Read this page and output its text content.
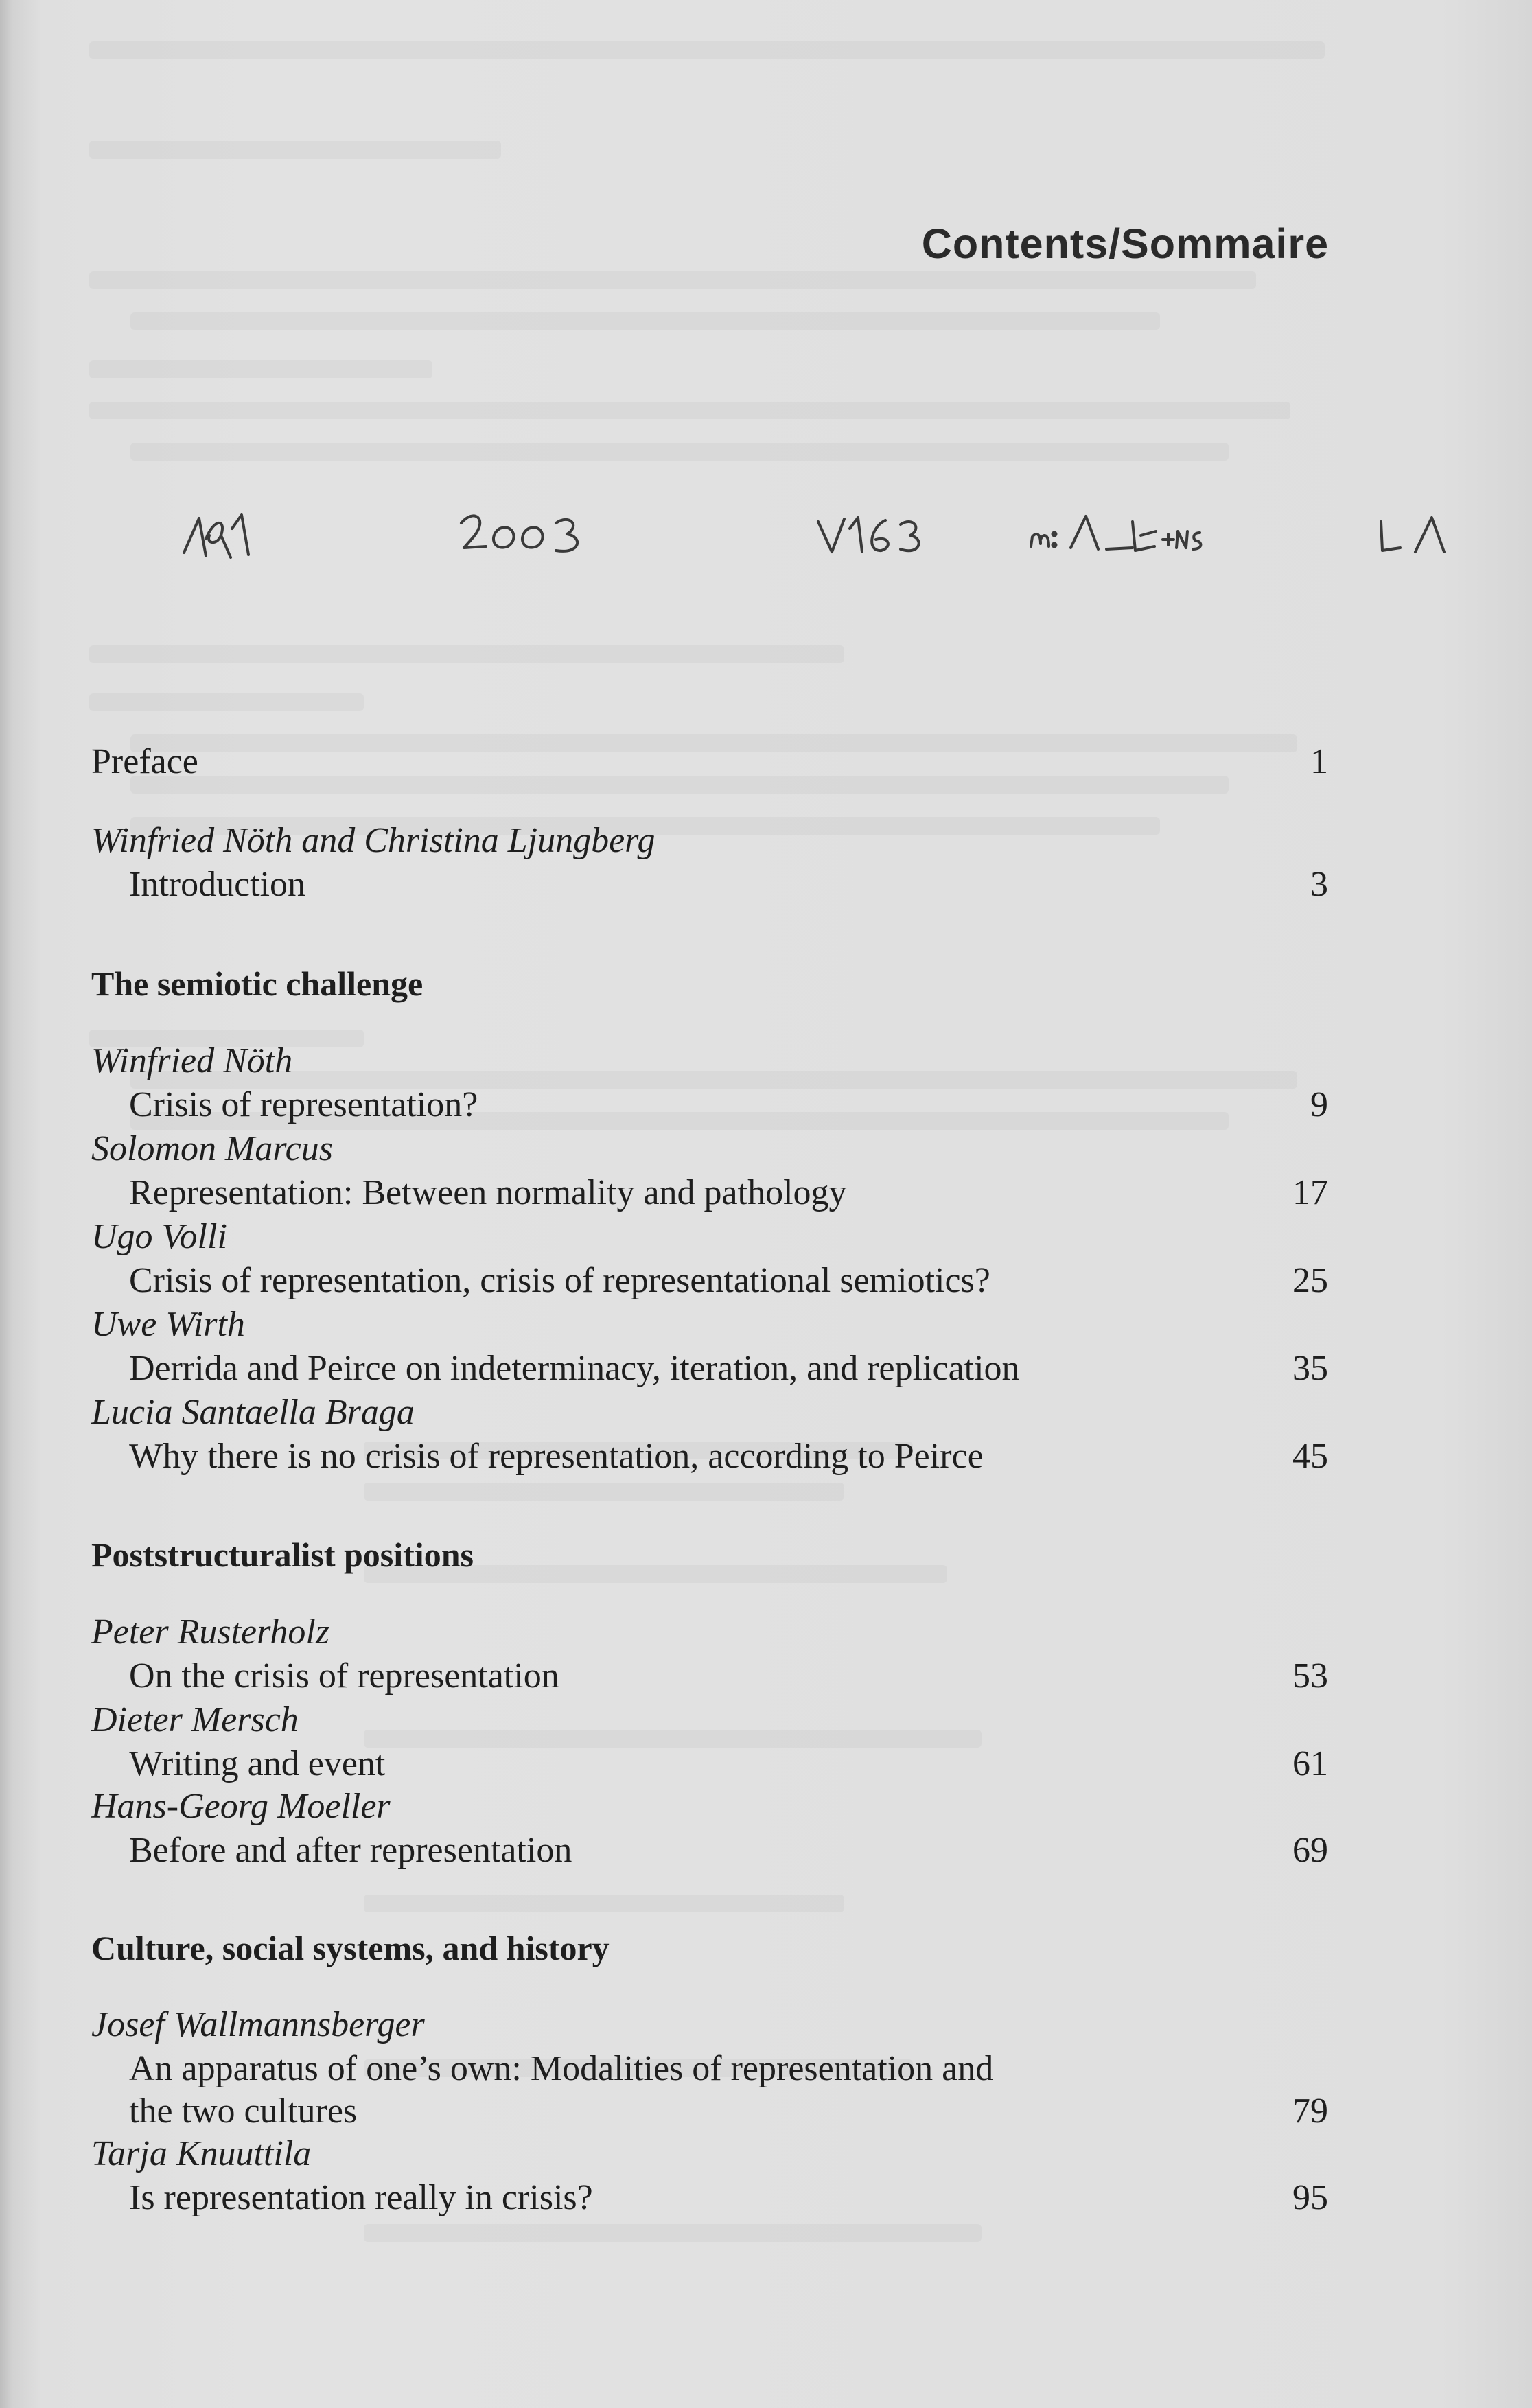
Contents/Sommaire
Preface	1
Winfried Nöth and Christina Ljungberg
Introduction	3
The semiotic challenge
Winfried Nöth
Crisis of representation?	9
Solomon Marcus
Representation: Between normality and pathology	17
Ugo Volli
Crisis of representation, crisis of representational semiotics?	25
Uwe Wirth
Derrida and Peirce on indeterminacy, iteration, and replication	35
Lucia Santaella Braga
Why there is no crisis of representation, according to Peirce	45
Poststructuralist positions
Peter Rusterholz
On the crisis of representation	53
Dieter Mersch
Writing and event	61
Hans-Georg Moeller
Before and after representation	69
Culture, social systems, and history
Josef Wallmannsberger
An apparatus of one’s own: Modalities of representation and
the two cultures	79
Tarja Knuuttila
Is representation really in crisis?	95
